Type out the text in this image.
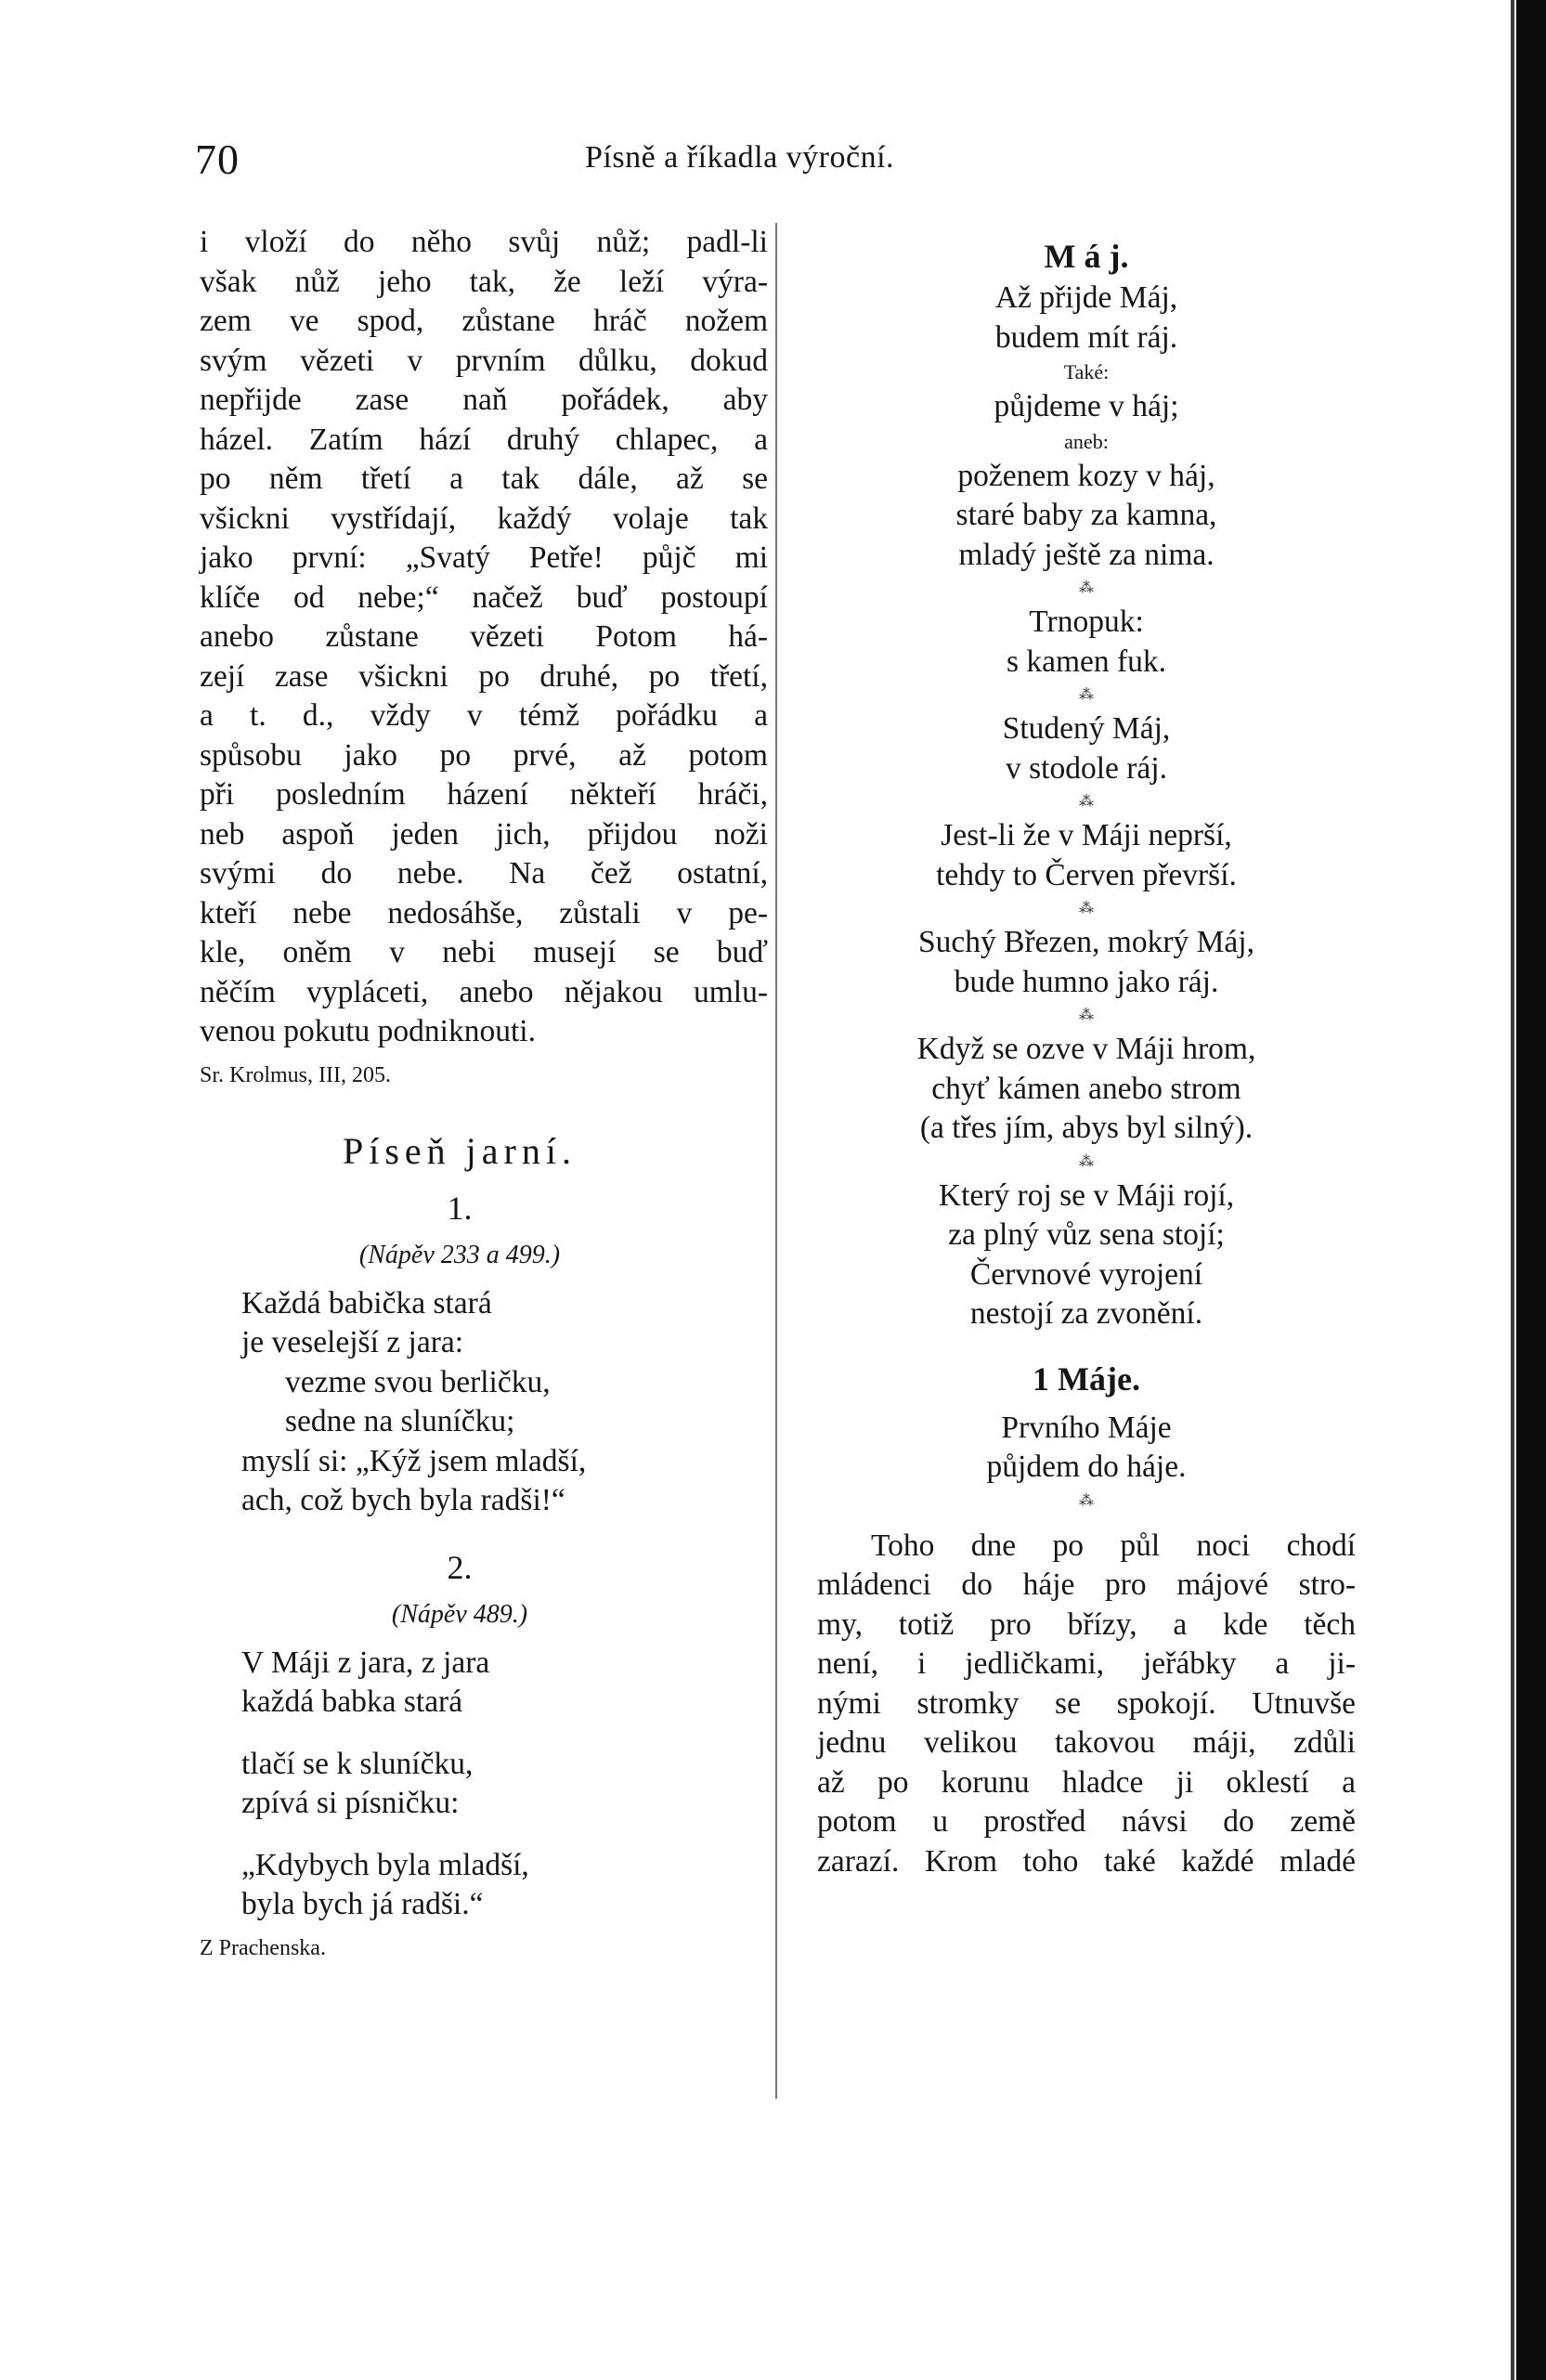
70	Písně a říkadla výroční.
i vloží do něho svůj nůž; padl-li
však nůž jeho tak, že leží výra-
zem ve spod, zůstane hráč nožem
svým vězeti v prvním důlku, dokud
nepřijde zase naň pořádek, aby
házel. Zatím hází druhý chlapec, a
po něm třetí a tak dále, až se
všickni vystřídají, každý volaje tak
jako první: „Svatý Petře! půjč mi
klíče od nebe;“ načež buď postoupí
anebo zůstane vězeti Potom há-
zejí zase všickni po druhé, po třetí,
a t. d., vždy v témž pořádku a
spůsobu jako po prvé, až potom
při posledním házení někteří hráči,
neb aspoň jeden jich, přijdou noži
svými do nebe. Na čež ostatní,
kteří nebe nedosáhše, zůstali v pe-
kle, oněm v nebi musejí se buď
něčím vypláceti, anebo nějakou umlu-
venou pokutu podniknouti.
Sr. Krolmus, III, 205.
Píseň jarní.
1.
(Nápěv 233 a 499.)
Každá babička stará
je veselejší z jara:
vezme svou berličku,
sedne na sluníčku;
myslí si: „Kýž jsem mladší,
ach, což bych byla radši!“
2.
(Nápěv 489.)
V Máji z jara, z jara
každá babka stará
tlačí se k sluníčku,
zpívá si písničku:
„Kdybych byla mladší,
byla bych já radši.“
Z Prachenska.
M á j.
Až přijde Máj,
budem mít ráj.
Také:
půjdeme v háj;
aneb:
poženem kozy v háj,
staré baby za kamna,
mladý ještě za nima.
⁂
Trnopuk:
s kamen fuk.
⁂
Studený Máj,
v stodole ráj.
⁂
Jest-li že v Máji neprší,
tehdy to Červen převrší.
⁂
Suchý Březen, mokrý Máj,
bude humno jako ráj.
⁂
Když se ozve v Máji hrom,
chyť kámen anebo strom
(a třes jím, abys byl silný).
⁂
Který roj se v Máji rojí,
za plný vůz sena stojí;
Červnové vyrojení
nestojí za zvonění.
1 Máje.
Prvního Máje
půjdem do háje.
⁂
Toho dne po půl noci chodí
mládenci do háje pro májové stro-
my, totiž pro břízy, a kde těch
není, i jedličkami, jeřábky a ji-
nými stromky se spokojí. Utnuvše
jednu velikou takovou máji, zdůli
až po korunu hladce ji oklestí a
potom u prostřed návsi do země
zarazí. Krom toho také každé mladé
